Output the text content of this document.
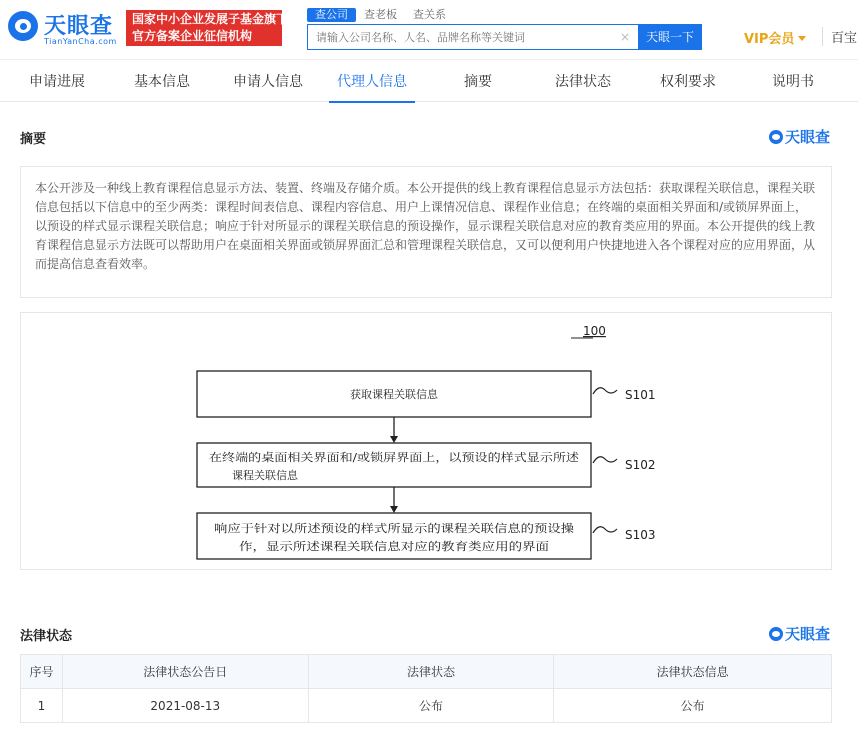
天眼查
TianYanCha.com
国家中小企业发展子基金旗下
官方备案企业征信机构
查公司	查老板	查关系
请输入公司名称、人名、品牌名称等关键词
×	天眼一下	VIP会员	百宝
申请进展	基本信息	申请人信息 代理人信息	摘要	法律状态	权利要求	说明书
摘要	天眼查
本公开涉及一种线上教育课程信息显示方法、装置、终端及存储介质。本公开提供的线上教育课程信息显示方法包括：获取课程关联信息，课程关联信息包括以下信息中的至少两类：课程时间表信息、课程内容信息、用户上课情况信息、课程作业信息；在终端的桌面相关界面和/或锁屏界面上，以预设的样式显示课程关联信息；响应于针对所显示的课程关联信息的预设操作，显示课程关联信息对应的教育类应用的界面。本公开提供的线上教育课程信息显示方法既可以帮助用户在桌面相关界面或锁屏界面汇总和管理课程关联信息，又可以便利用户快捷地进入各个课程对应的应用界面，从而提高信息查看效率。
100
获取课程关联信息	S101
在终端的桌面相关界面和/或锁屏界面上，以预设的样式显示所述
课程关联信息
S102
响应于针对以所述预设的样式所显示的课程关联信息的预设操
作，显示所述课程关联信息对应的教育类应用的界面
S103
法律状态	天眼查
序号	法律状态公告日	法律状态	法律状态信息
1	2021-08-13	公布	公布
